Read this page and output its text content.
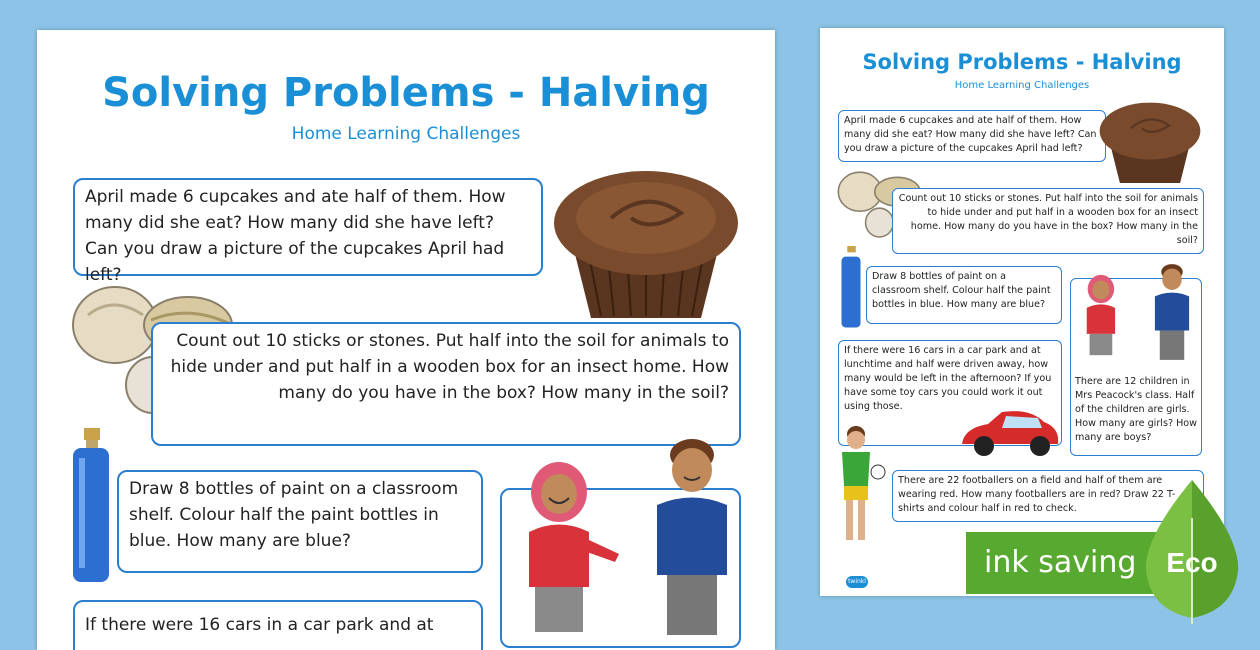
Solving Problems - Halving
Home Learning Challenges
April made 6 cupcakes and ate half of them. How many did she eat? How many did she have left? Can you draw a picture of the cupcakes April had left?
Count out 10 sticks or stones. Put half into the soil for animals to hide under and put half in a wooden box for an insect home. How many do you have in the box? How many in the soil?
Draw 8 bottles of paint on a classroom shelf. Colour half the paint bottles in blue. How many are blue?
If there were 16 cars in a car park and at
Solving Problems - Halving
Home Learning Challenges
April made 6 cupcakes and ate half of them. How many did she eat? How many did she have left? Can you draw a picture of the cupcakes April had left?
Count out 10 sticks or stones. Put half into the soil for animals to hide under and put half in a wooden box for an insect home. How many do you have in the box? How many in the soil?
Draw 8 bottles of paint on a classroom shelf. Colour half the paint bottles in blue. How many are blue?
If there were 16 cars in a car park and at lunchtime and half were driven away, how many would be left in the afternoon? If you have some toy cars you could work it out using those.
There are 12 children in Mrs Peacock's class. Half of the children are girls. How many are girls? How many are boys?
There are 22 footballers on a field and half of them are wearing red. How many footballers are in red? Draw 22 T-shirts and colour half in red to check.
twinkl
ink saving	Eco
